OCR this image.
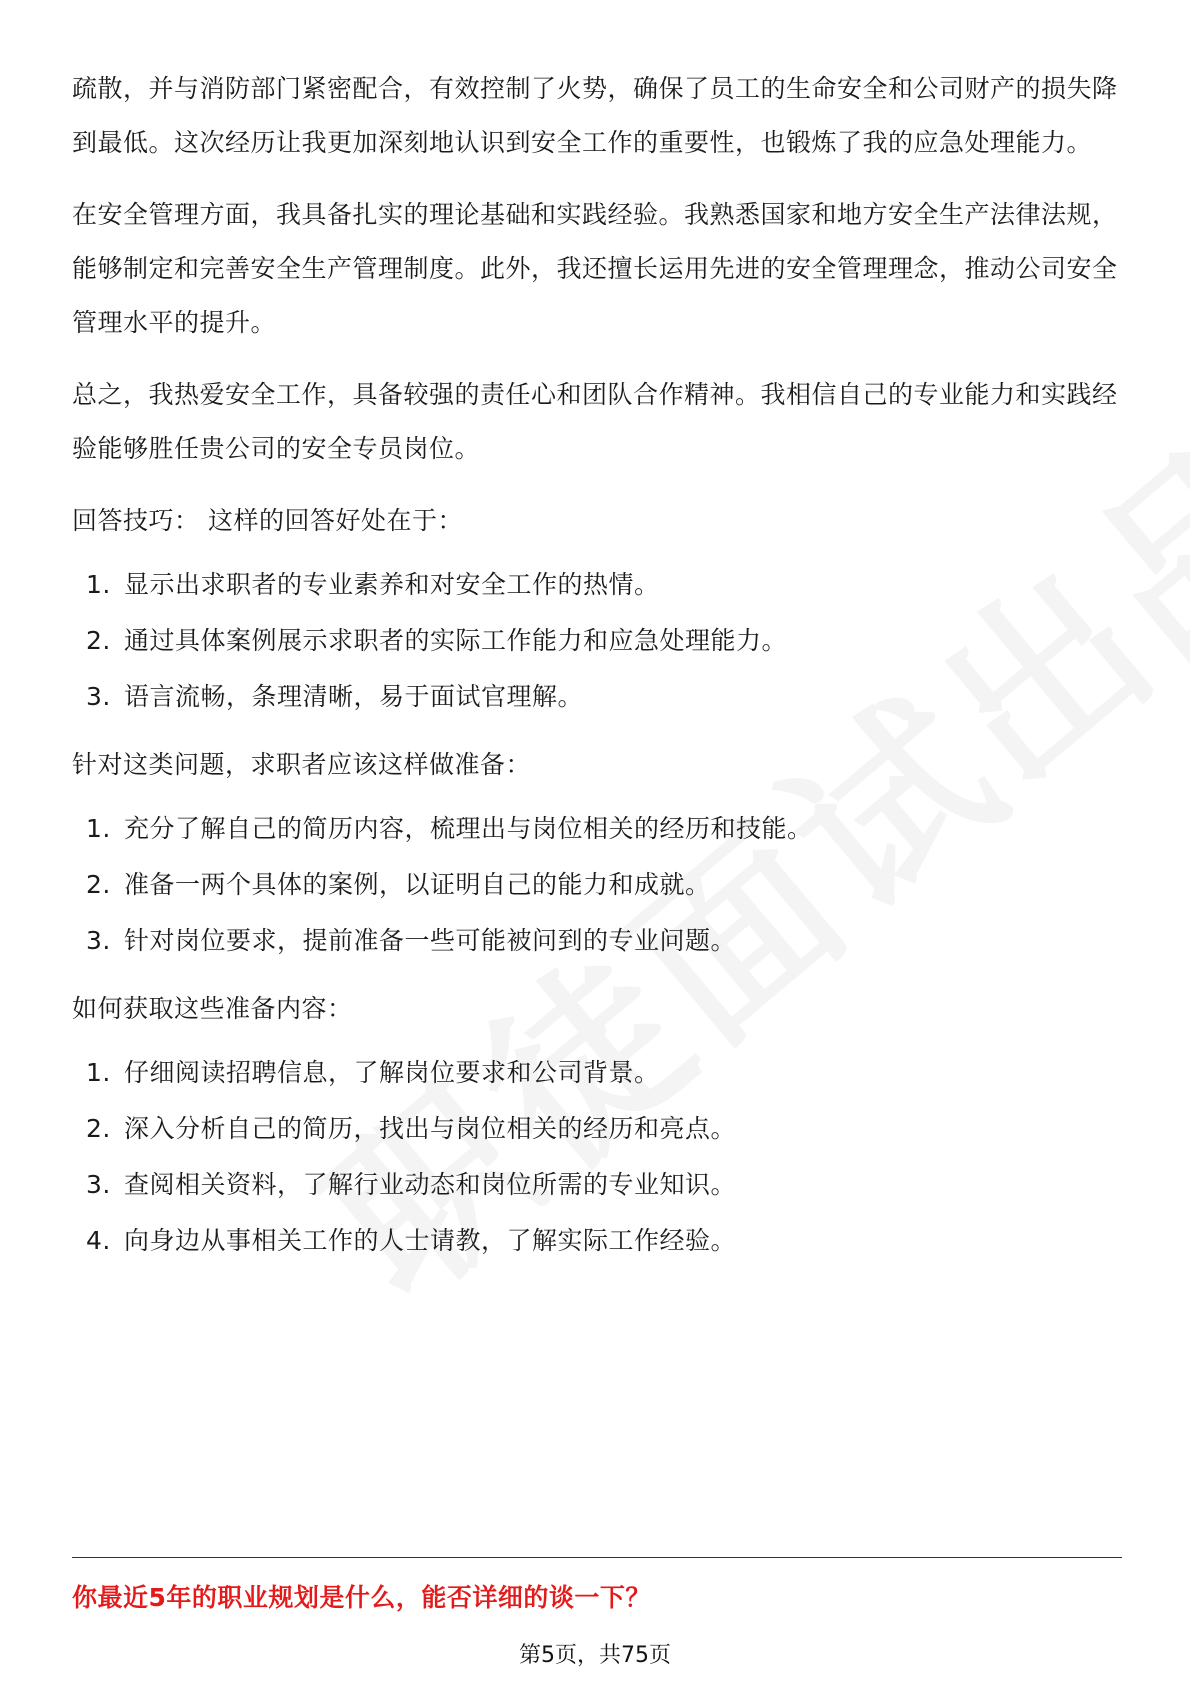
疏散，并与消防部门紧密配合，有效控制了火势，确保了员工的生命安全和公司财产的损失降到最低。这次经历让我更加深刻地认识到安全工作的重要性，也锻炼了我的应急处理能力。

在安全管理方面，我具备扎实的理论基础和实践经验。我熟悉国家和地方安全生产法律法规，能够制定和完善安全生产管理制度。此外，我还擅长运用先进的安全管理理念，推动公司安全管理水平的提升。

总之，我热爱安全工作，具备较强的责任心和团队合作精神。我相信自己的专业能力和实践经验能够胜任贵公司的安全专员岗位。

回答技巧： 这样的回答好处在于：

1. 显示出求职者的专业素养和对安全工作的热情。
2. 通过具体案例展示求职者的实际工作能力和应急处理能力。
3. 语言流畅，条理清晰，易于面试官理解。

针对这类问题，求职者应该这样做准备：

1. 充分了解自己的简历内容，梳理出与岗位相关的经历和技能。
2. 准备一两个具体的案例，以证明自己的能力和成就。
3. 针对岗位要求，提前准备一些可能被问到的专业问题。

如何获取这些准备内容：

1. 仔细阅读招聘信息，了解岗位要求和公司背景。
2. 深入分析自己的简历，找出与岗位相关的经历和亮点。
3. 查阅相关资料，了解行业动态和岗位所需的专业知识。
4. 向身边从事相关工作的人士请教，了解实际工作经验。
你最近5年的职业规划是什么，能否详细的谈一下？
第5页，共75页
